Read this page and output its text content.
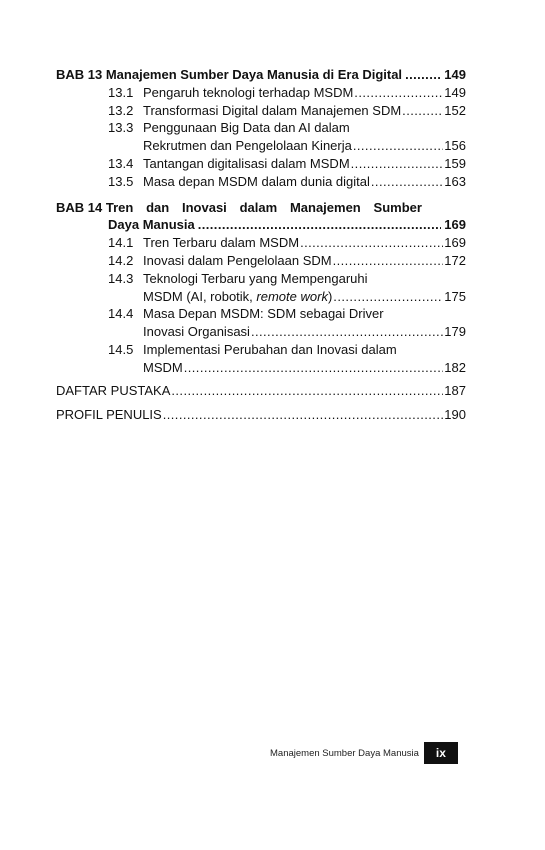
BAB 13 Manajemen Sumber Daya Manusia di Era Digital . . .	149
13.1 Pengaruh teknologi terhadap MSDM . . .	149
13.2 Transformasi Digital dalam Manajemen SDM . . .	152
13.3 Penggunaan Big Data dan AI dalam
Rekrutmen dan Pengelolaan Kinerja . . .	156
13.4 Tantangan digitalisasi dalam MSDM . . .	159
13.5 Masa depan MSDM dalam dunia digital . . .	163
BAB 14 Tren dan Inovasi dalam Manajemen Sumber
Daya Manusia . . .	169
14.1 Tren Terbaru dalam MSDM . . .	169
14.2 Inovasi dalam Pengelolaan SDM . . .	172
14.3 Teknologi Terbaru yang Mempengaruhi
MSDM (AI, robotik, remote work) . . .	175
14.4 Masa Depan MSDM: SDM sebagai Driver
Inovasi Organisasi . . .	179
14.5 Implementasi Perubahan dan Inovasi dalam
MSDM . . .	182
DAFTAR PUSTAKA . . .	187
PROFIL PENULIS . . .	190
Manajemen Sumber Daya Manusia	ix
